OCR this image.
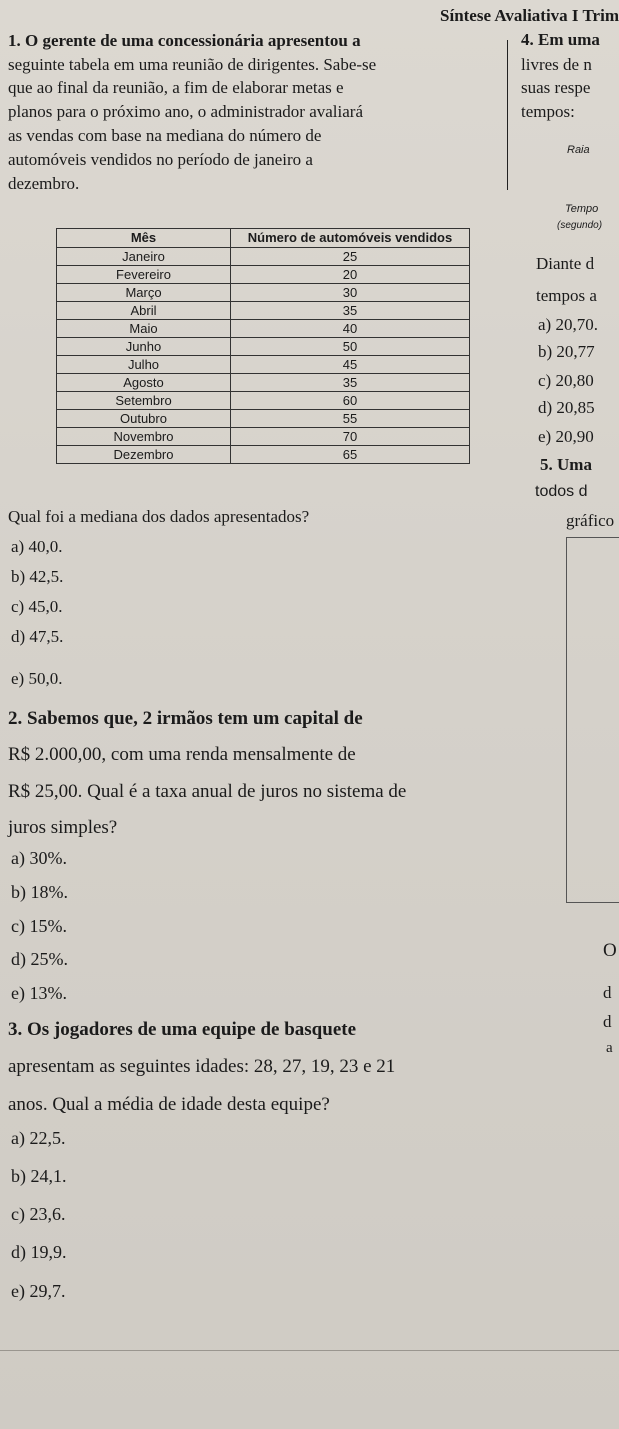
Síntese Avaliativa I Trim
1. O gerente de uma concessionária apresentou a
seguinte tabela em uma reunião de dirigentes. Sabe-se
que ao final da reunião, a fim de elaborar metas e
planos para o próximo ano, o administrador avaliará
as vendas com base na mediana do número de
automóveis vendidos no período de janeiro a
dezembro.
Mês	Número de automóveis vendidos
Janeiro	25
Fevereiro	20
Março	30
Abril	35
Maio	40
Junho	50
Julho	45
Agosto	35
Setembro	60
Outubro	55
Novembro	70
Dezembro	65
Qual foi a mediana dos dados apresentados?
a) 40,0.
b) 42,5.
c) 45,0.
d) 47,5.
e) 50,0.
2. Sabemos que, 2 irmãos tem um capital de
R$ 2.000,00, com uma renda mensalmente de
R$ 25,00. Qual é a taxa anual de juros no sistema de
juros simples?
a) 30%.
b) 18%.
c) 15%.
d) 25%.
e) 13%.
3. Os jogadores de uma equipe de basquete
apresentam as seguintes idades: 28, 27, 19, 23 e 21
anos. Qual a média de idade desta equipe?
a) 22,5.
b) 24,1.
c) 23,6.
d) 19,9.
e) 29,7.
4. Em uma
livres de n
suas respe
tempos:
Raia
Tempo
(segundo)
Diante d
tempos a
a) 20,70.
b) 20,77
c) 20,80
d) 20,85
e) 20,90
5. Uma
todos d
gráfico
O
d
d
a
